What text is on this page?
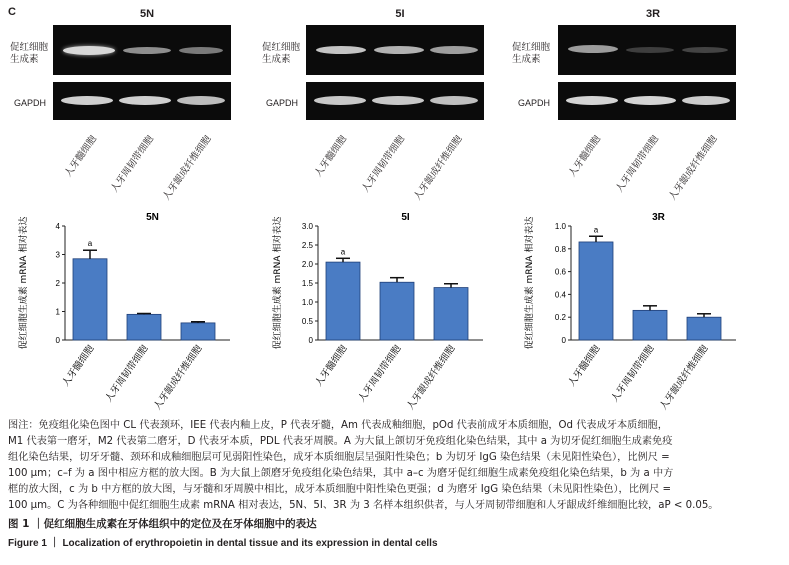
C	5N
促红细胞
生成素
GAPDH
人牙髓细胞 人牙周韧带细胞 人牙龈成纤维细胞
5I
促红细胞
生成素
GAPDH
人牙髓细胞 人牙周韧带细胞 人牙龈成纤维细胞
3R
促红细胞
生成素
GAPDH
人牙髓细胞 人牙周韧带细胞 人牙龈成纤维细胞
5N
0
1
2
3
4
促红细胞生成素 mRNA 相对表达	a
人牙髓细胞 人牙周韧带细胞 人牙龈成纤维细胞
5I
0
0.5
1.0
1.5
2.0
2.5
3.0
促红细胞生成素 mRNA 相对表达	a
人牙髓细胞 人牙周韧带细胞 人牙龈成纤维细胞
3R
0
0.2
0.4
0.6
0.8
1.0
促红细胞生成素 mRNA 相对表达	a
人牙髓细胞 人牙周韧带细胞 人牙龈成纤维细胞
图注：免疫组化染色图中 CL 代表颈环，IEE 代表内釉上皮，P 代表牙髓，Am 代表成釉细胞，pOd 代表前成牙本质细胞，Od 代表成牙本质细胞，
M1 代表第一磨牙，M2 代表第二磨牙，D 代表牙本质，PDL 代表牙周膜。A 为大鼠上颌切牙免疫组化染色结果，其中 a 为切牙促红细胞生成素免疫
组化染色结果，切牙牙髓、颈环和成釉细胞层可见弱阳性染色，成牙本质细胞层呈强阳性染色；b 为切牙 IgG 染色结果（未见阳性染色），比例尺 =
100 μm；c–f 为 a 图中相应方框的放大图。B 为大鼠上颌磨牙免疫组化染色结果，其中 a–c 为磨牙促红细胞生成素免疫组化染色结果，b 为 a 中方
框的放大图，c 为 b 中方框的放大图，与牙髓和牙周膜中相比，成牙本质细胞中阳性染色更强；d 为磨牙 IgG 染色结果（未见阳性染色），比例尺 =
100 μm。C 为各种细胞中促红细胞生成素 mRNA 相对表达，5N、5I、3R 为 3 名样本组织供者，与人牙周韧带细胞和人牙龈成纤维细胞比较，aP < 0.05。
图 1 ｜促红细胞生成素在牙体组织中的定位及在牙体细胞中的表达
Figure 1 ｜ Localization of erythropoietin in dental tissue and its expression in dental cells
